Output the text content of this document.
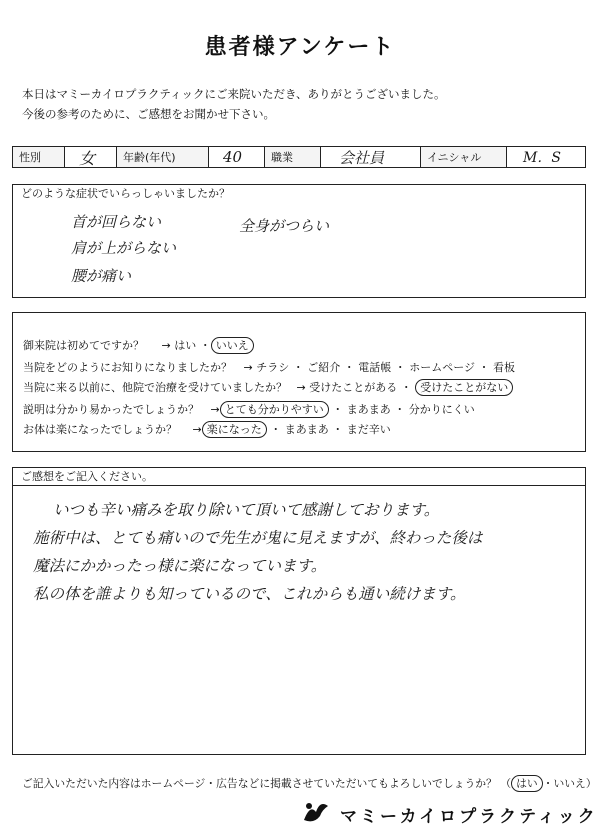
患者様アンケート
本日はマミーカイロプラクティックにご来院いただき、ありがとうございました。
今後の参考のために、ご感想をお聞かせ下さい。
性別	女	年齢(年代)	40	職業	会社員	イニシャル	M．S
どのような症状でいらっしゃいましたか？
首が回らない
肩が上がらない
腰が痛い
全身がつらい
御来院は初めてですか？ → はい ・ いいえ
当院をどのようにお知りになりましたか？ → チラシ ・ ご紹介 ・ 電話帳 ・ ホームページ ・ 看板
当院に来る以前に、他院で治療を受けていましたか？ → 受けたことがある ・ 受けたことがない
説明は分かり易かったでしょうか？ → とても分かりやすい ・ まあまあ ・ 分かりにくい
お体は楽になったでしょうか？ → 楽になった ・ まあまあ ・ まだ辛い
ご感想をご記入ください。
いつも辛い痛みを取り除いて頂いて感謝しております。
施術中は、とても痛いので先生が鬼に見えますが、終わった後は
魔法にかかったっ様に楽になっています。
私の体を誰よりも知っているので、これからも通い続けます。
ご記入いただいた内容はホームページ・広告などに掲載させていただいてもよろしいでしょうか？ （ はい ・いいえ）
マミーカイロプラクティック
